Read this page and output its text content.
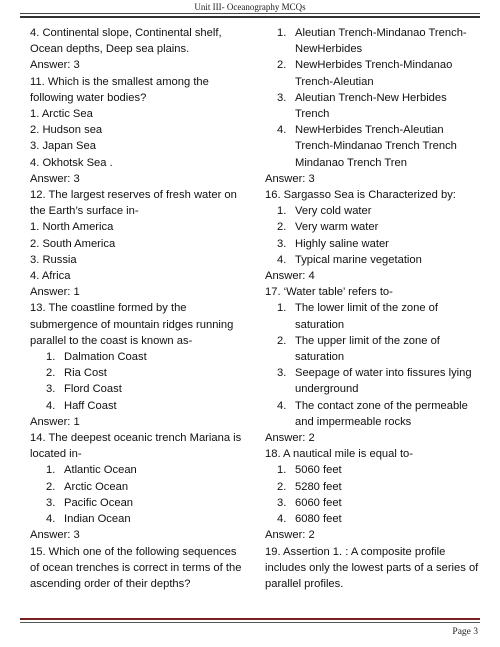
Unit III- Oceanography MCQs
4. Continental slope, Continental shelf,
Ocean depths, Deep sea plains.
Answer: 3
11. Which is the smallest among the
following water bodies?
1. Arctic Sea
2. Hudson sea
3. Japan Sea
4. Okhotsk Sea .
Answer: 3
12. The largest reserves of fresh water on
the Earth’s surface in-
1. North America
2. South America
3. Russia
4. Africa
Answer: 1
13. The coastline formed by the
submergence of mountain ridges running
parallel to the coast is known as-
1. Dalmation Coast
2. Ria Cost
3. Flord Coast
4. Haff Coast
Answer: 1
14. The deepest oceanic trench Mariana is
located in-
1. Atlantic Ocean
2. Arctic Ocean
3. Pacific Ocean
4. Indian Ocean
Answer: 3
15. Which one of the following sequences
of ocean trenches is correct in terms of the
ascending order of their depths?
1. Aleutian Trench-Mindanao Trench-
NewHerbides
2. NewHerbides Trench-Mindanao
Trench-Aleutian
3. Aleutian Trench-New Herbides
Trench
4. NewHerbides Trench-Aleutian
Trench-Mindanao Trench Trench
Mindanao Trench Tren
Answer: 3
16. Sargasso Sea is Characterized by:
1. Very cold water
2. Very warm water
3. Highly saline water
4. Typical marine vegetation
Answer: 4
17. ‘Water table’ refers to-
1. The lower limit of the zone of
saturation
2. The upper limit of the zone of
saturation
3. Seepage of water into fissures lying
underground
4. The contact zone of the permeable
and impermeable rocks
Answer: 2
18. A nautical mile is equal to-
1. 5060 feet
2. 5280 feet
3. 6060 feet
4. 6080 feet
Answer: 2
19. Assertion 1. : A composite profile
includes only the lowest parts of a series of
parallel profiles.
Page 3
